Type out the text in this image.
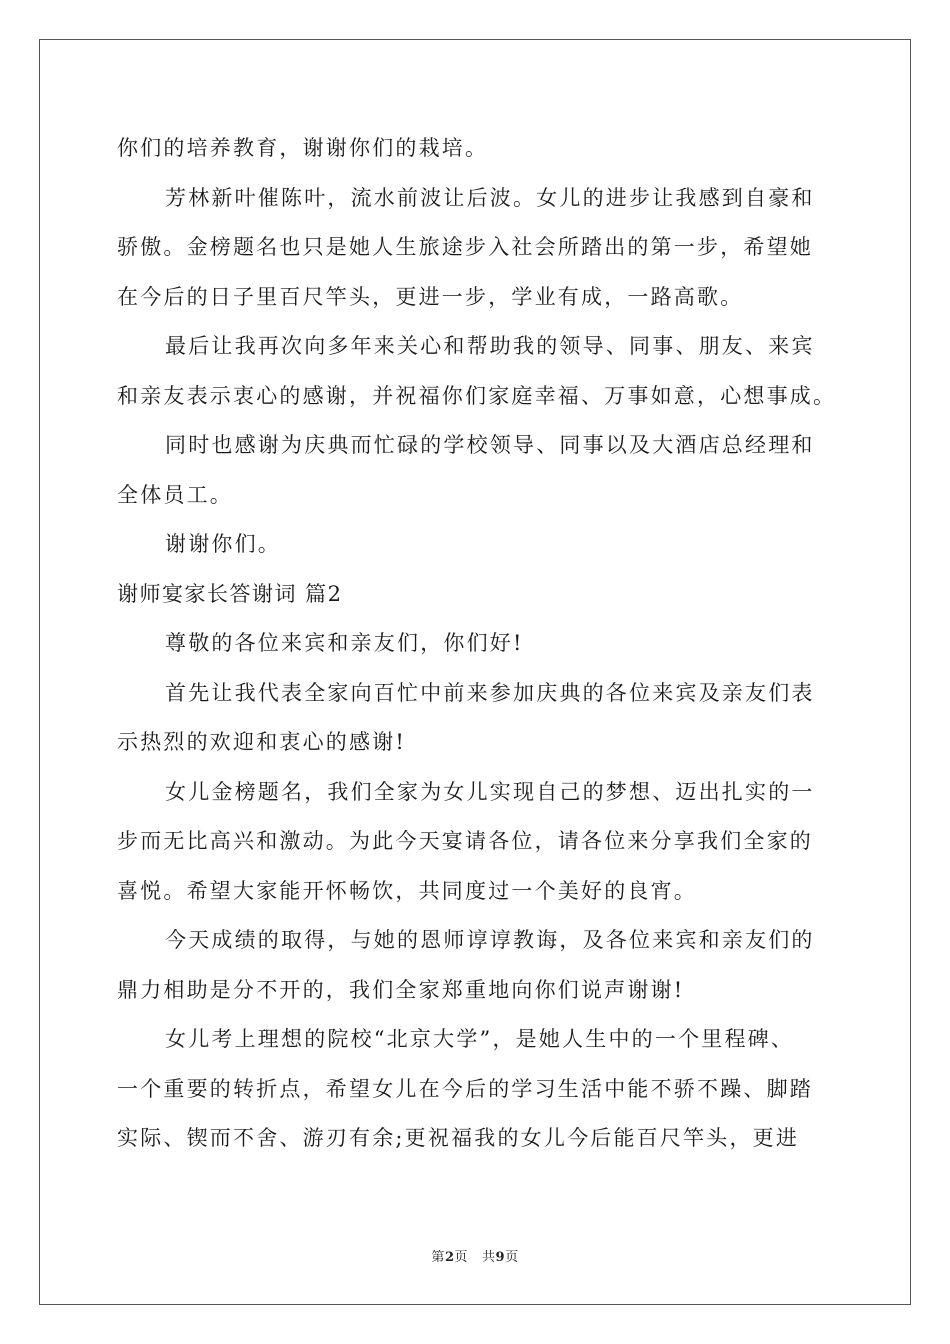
你们的培养教育，谢谢你们的栽培。
芳林新叶催陈叶，流水前波让后波。女儿的进步让我感到自豪和
骄傲。金榜题名也只是她人生旅途步入社会所踏出的第一步，希望她
在今后的日子里百尺竿头，更进一步，学业有成，一路高歌。
最后让我再次向多年来关心和帮助我的领导、同事、朋友、来宾
和亲友表示衷心的感谢，并祝福你们家庭幸福、万事如意，心想事成。
同时也感谢为庆典而忙碌的学校领导、同事以及大酒店总经理和
全体员工。
谢谢你们。
谢师宴家长答谢词 篇2
尊敬的各位来宾和亲友们，你们好!
首先让我代表全家向百忙中前来参加庆典的各位来宾及亲友们表
示热烈的欢迎和衷心的感谢!
女儿金榜题名，我们全家为女儿实现自己的梦想、迈出扎实的一
步而无比高兴和激动。为此今天宴请各位，请各位来分享我们全家的
喜悦。希望大家能开怀畅饮，共同度过一个美好的良宵。
今天成绩的取得，与她的恩师谆谆教诲，及各位来宾和亲友们的
鼎力相助是分不开的，我们全家郑重地向你们说声谢谢!
女儿考上理想的院校“北京大学”，是她人生中的一个里程碑、
一个重要的转折点，希望女儿在今后的学习生活中能不骄不躁、脚踏
实际、锲而不舍、游刃有余;更祝福我的女儿今后能百尺竿头，更进
第2页 共9页
